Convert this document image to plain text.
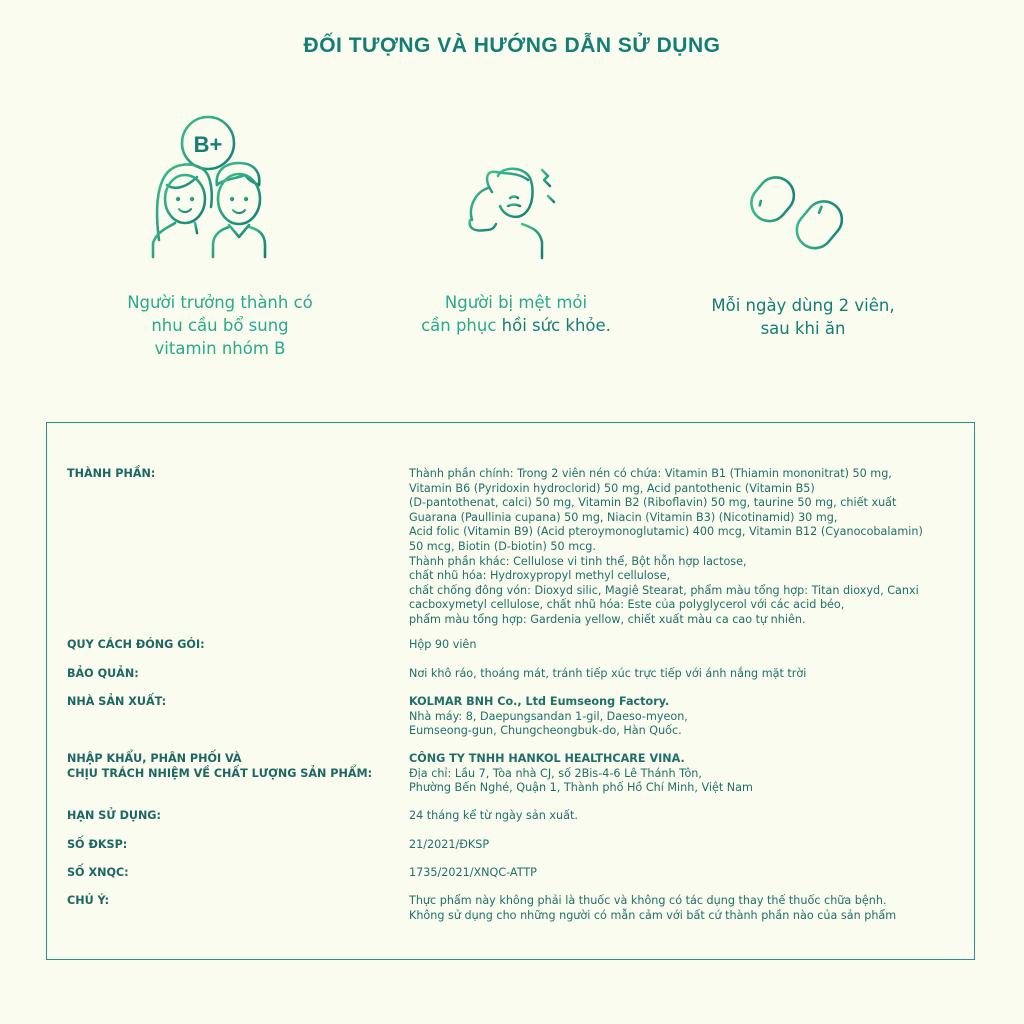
ĐỐI TƯỢNG VÀ HƯỚNG DẪN SỬ DỤNG
B+
Người trưởng thành có
nhu cầu bổ sung
vitamin nhóm B
Người bị mệt mỏi
cần phục hồi sức khỏe.
Mỗi ngày dùng 2 viên,
sau khi ăn
THÀNH PHẦN:	Thành phần chính: Trong 2 viên nén có chứa: Vitamin B1 (Thiamin mononitrat) 50 mg,
Vitamin B6 (Pyridoxin hydroclorid) 50 mg, Acid pantothenic (Vitamin B5)
(D-pantothenat, calci) 50 mg, Vitamin B2 (Riboflavin) 50 mg, taurine 50 mg, chiết xuất
Guarana (Paullinia cupana) 50 mg, Niacin (Vitamin B3) (Nicotinamid) 30 mg,
Acid folic (Vitamin B9) (Acid pteroymonoglutamic) 400 mcg, Vitamin B12 (Cyanocobalamin)
50 mcg, Biotin (D-biotin) 50 mcg.
Thành phần khác: Cellulose vi tinh thể, Bột hỗn hợp lactose,
chất nhũ hóa: Hydroxypropyl methyl cellulose,
chất chống đông vón: Dioxyd silic, Magiê Stearat, phẩm màu tổng hợp: Titan dioxyd, Canxi
cacboxymetyl cellulose, chất nhũ hóa: Este của polyglycerol với các acid béo,
phẩm màu tổng hợp: Gardenia yellow, chiết xuất màu ca cao tự nhiên.
QUY CÁCH ĐÓNG GÓI:	Hộp 90 viên
BẢO QUẢN:	Nơi khô ráo, thoáng mát, tránh tiếp xúc trực tiếp với ánh nắng mặt trời
NHÀ SẢN XUẤT:	KOLMAR BNH Co., Ltd Eumseong Factory.
Nhà máy: 8, Daepungsandan 1-gil, Daeso-myeon,
Eumseong-gun, Chungcheongbuk-do, Hàn Quốc.
NHẬP KHẨU, PHÂN PHỐI VÀ
CHỊU TRÁCH NHIỆM VỀ CHẤT LƯỢNG SẢN PHẨM:
CÔNG TY TNHH HANKOL HEALTHCARE VINA.
Địa chỉ: Lầu 7, Tòa nhà CJ, số 2Bis-4-6 Lê Thánh Tôn,
Phường Bến Nghé, Quận 1, Thành phố Hồ Chí Minh, Việt Nam
HẠN SỬ DỤNG:	24 tháng kể từ ngày sản xuất.
SỐ ĐKSP:	21/2021/ĐKSP
SỐ XNQC:	1735/2021/XNQC-ATTP
CHÚ Ý:	Thực phẩm này không phải là thuốc và không có tác dụng thay thế thuốc chữa bệnh.
Không sử dụng cho những người có mẫn cảm với bất cứ thành phần nào của sản phẩm
